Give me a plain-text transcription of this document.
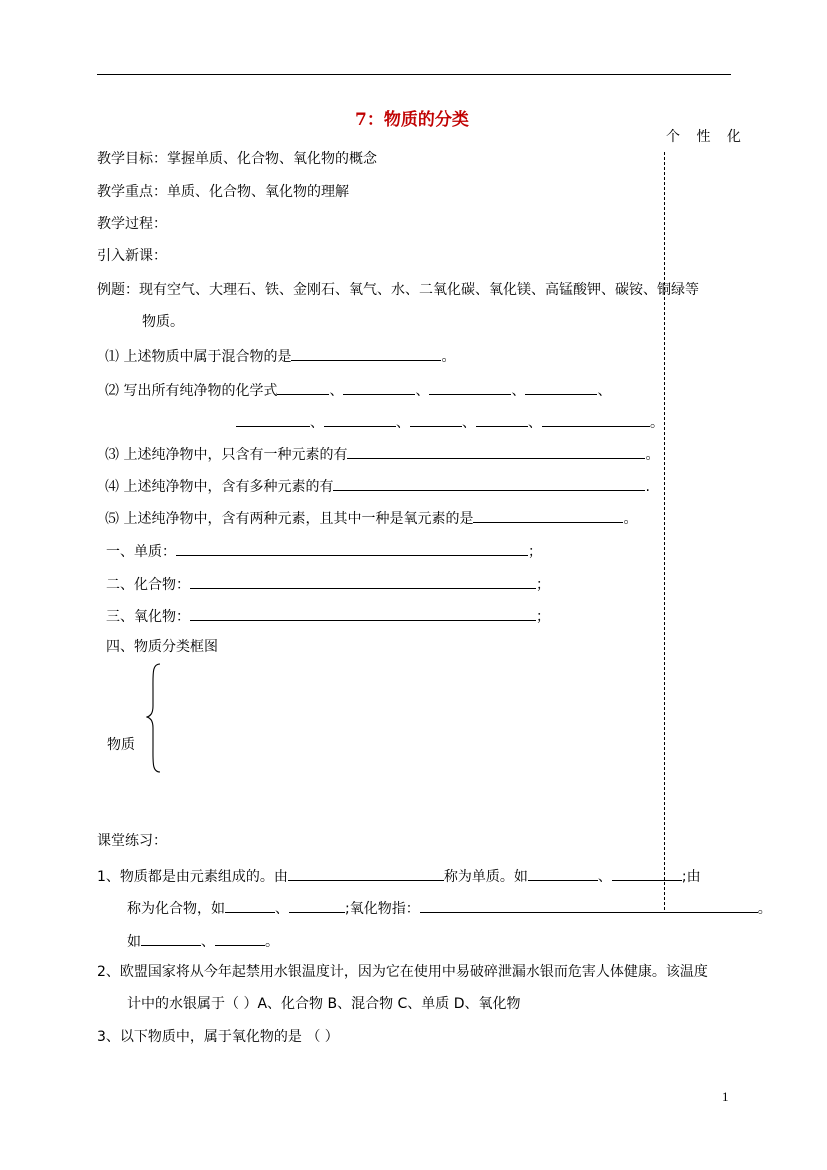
7：物质的分类
个 性 化
教学目标：掌握单质、化合物、氧化物的概念
教学重点：单质、化合物、氧化物的理解
教学过程：
引入新课：
例题：现有空气、大理石、铁、金刚石、氧气、水、二氧化碳、氧化镁、高锰酸钾、碳铵、铜绿等
物质。
⑴ 上述物质中属于混合物的是	。
⑵ 写出所有纯净物的化学式	、	、	、	、
、	、	、	、	。
⑶ 上述纯净物中，只含有一种元素的有	。
⑷ 上述纯净物中，含有多种元素的有	.
⑸ 上述纯净物中，含有两种元素，且其中一种是氧元素的是	。
一、单质：	；
二、化合物：	；
三、氧化物：	；
四、物质分类框图
物质
课堂练习：
1、物质都是由元素组成的。由	称为单质。如	、	;由
称为化合物，如	、	;氧化物指：	。
如	、	。
2、欧盟国家将从今年起禁用水银温度计，因为它在使用中易破碎泄漏水银而危害人体健康。该温度
计中的水银属于（ ）A、化合物 B、混合物 C、单质 D、氧化物
3、以下物质中，属于氧化物的是 （ ）
1
